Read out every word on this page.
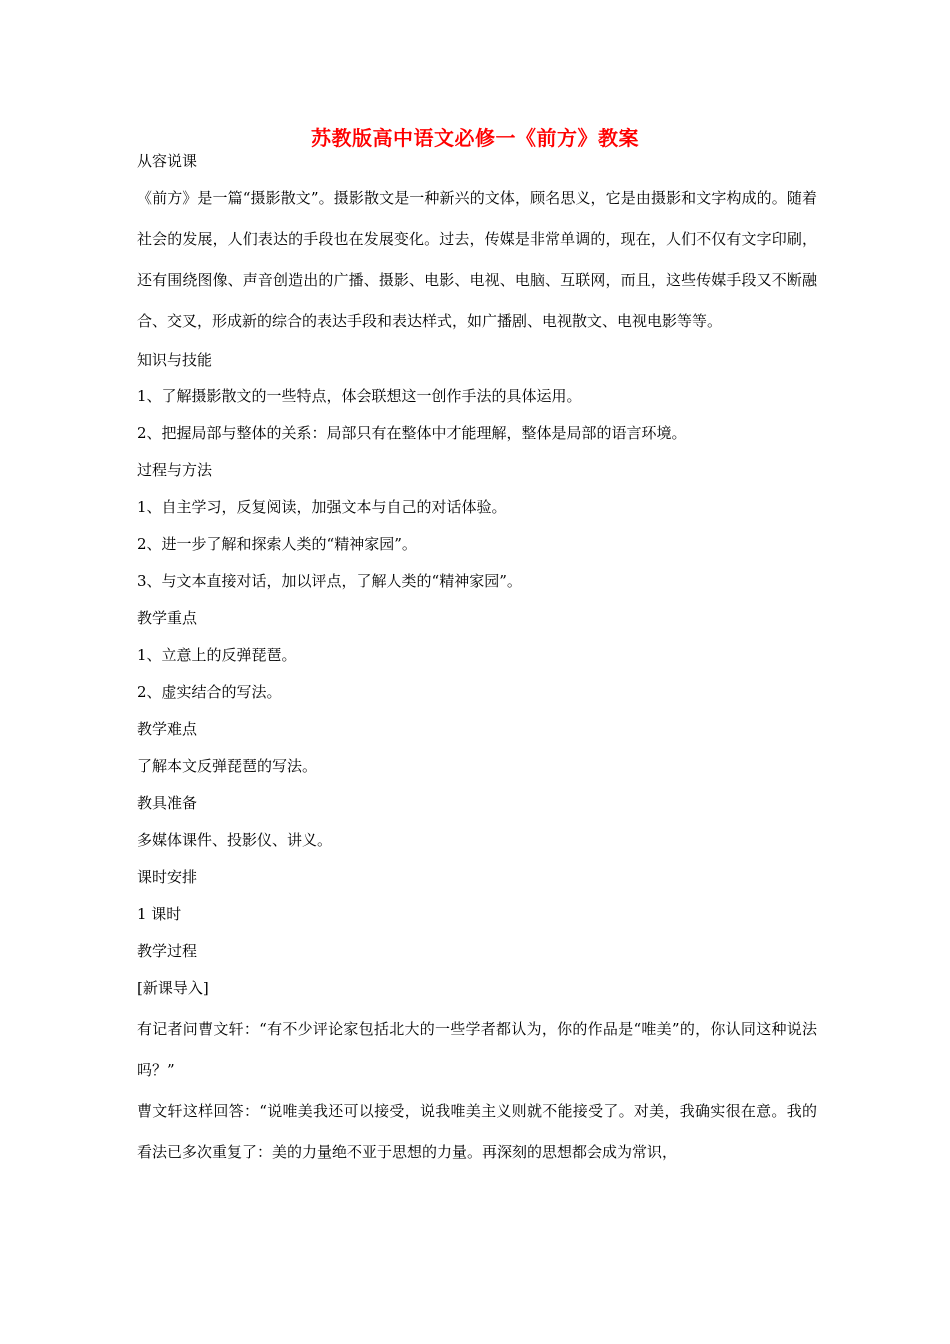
苏教版高中语文必修一《前方》教案

从容说课

《前方》是一篇“摄影散文”。摄影散文是一种新兴的文体，顾名思义，它是由摄影和文字构成的。随着社会的发展，人们表达的手段也在发展变化。过去，传媒是非常单调的，现在，人们不仅有文字印刷，还有围绕图像、声音创造出的广播、摄影、电影、电视、电脑、互联网，而且，这些传媒手段又不断融合、交叉，形成新的综合的表达手段和表达样式，如广播剧、电视散文、电视电影等等。

知识与技能

1、了解摄影散文的一些特点，体会联想这一创作手法的具体运用。

2、把握局部与整体的关系：局部只有在整体中才能理解，整体是局部的语言环境。

过程与方法

1、自主学习，反复阅读，加强文本与自己的对话体验。

2、进一步了解和探索人类的“精神家园”。

3、与文本直接对话，加以评点，了解人类的“精神家园”。

教学重点

1、立意上的反弹琵琶。

2、虚实结合的写法。

教学难点

了解本文反弹琵琶的写法。

教具准备

多媒体课件、投影仪、讲义。

课时安排

1 课时

教学过程

[新课导入]

有记者问曹文轩：“有不少评论家包括北大的一些学者都认为，你的作品是“唯美”的，你认同这种说法吗？”

曹文轩这样回答：“说唯美我还可以接受，说我唯美主义则就不能接受了。对美，我确实很在意。我的看法已多次重复了：美的力量绝不亚于思想的力量。再深刻的思想都会成为常识，
